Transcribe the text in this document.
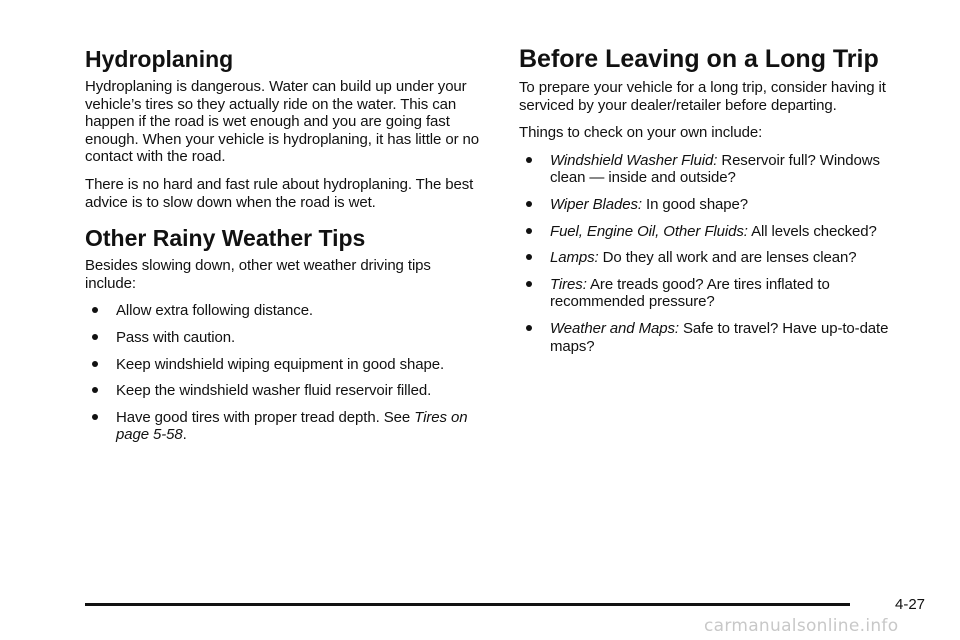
Hydroplaning

Hydroplaning is dangerous. Water can build up under your vehicle’s tires so they actually ride on the water. This can happen if the road is wet enough and you are going fast enough. When your vehicle is hydroplaning, it has little or no contact with the road.

There is no hard and fast rule about hydroplaning. The best advice is to slow down when the road is wet.

Other Rainy Weather Tips

Besides slowing down, other wet weather driving tips include:

Allow extra following distance.
Pass with caution.
Keep windshield wiping equipment in good shape.
Keep the windshield washer fluid reservoir filled.
Have good tires with proper tread depth. See Tires on page 5-58.
Before Leaving on a Long Trip

To prepare your vehicle for a long trip, consider having it serviced by your dealer/retailer before departing.

Things to check on your own include:

Windshield Washer Fluid: Reservoir full? Windows clean — inside and outside?
Wiper Blades: In good shape?
Fuel, Engine Oil, Other Fluids: All levels checked?
Lamps: Do they all work and are lenses clean?
Tires: Are treads good? Are tires inflated to recommended pressure?
Weather and Maps: Safe to travel? Have up-to-date maps?
4-27
carmanualsonline.info
